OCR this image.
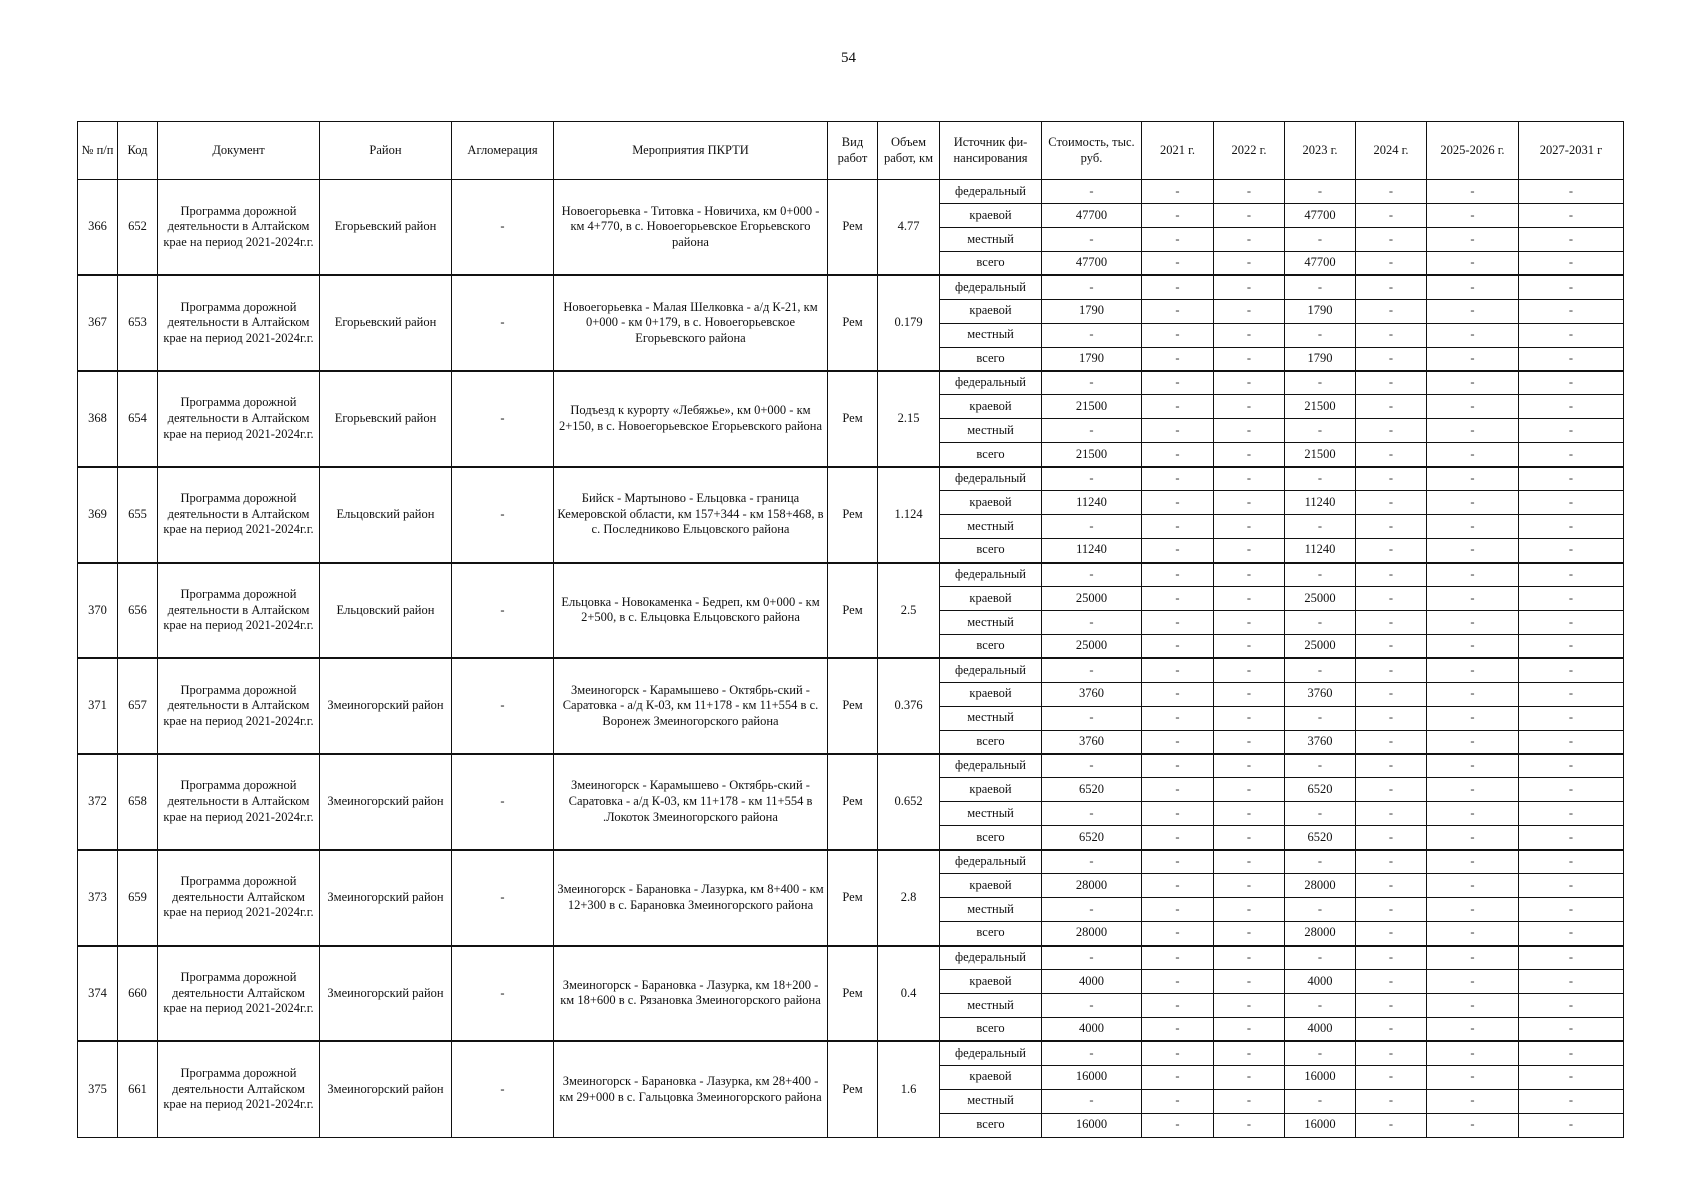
54
№ п/п	Код	Документ	Район	Агломерация	Мероприятия ПКРТИ	Вид работ	Объем работ, км	Источник фи-нансирования	Стоимость, тыс. руб.	2021 г.	2022 г.	2023 г.	2024 г.	2025-2026 г.	2027-2031 г
366	652	Программа дорожной деятельности в Алтайском крае на период 2021-2024г.г.	Егорьевский район	-	Новоегорьевка - Титовка - Новичиха, км 0+000 - км 4+770, в с. Новоегорьевское Егорьевского района	Рем	4.77	федеральный	-	-	-	-	-	-	-
								краевой	47700	-	-	47700	-	-	-
								местный	-	-	-	-	-	-	-
								всего	47700	-	-	47700	-	-	-
367	653	Программа дорожной деятельности в Алтайском крае на период 2021-2024г.г.	Егорьевский район	-	Новоегорьевка - Малая Шелковка - а/д К-21, км 0+000 - км 0+179, в с. Новоегорьевское Егорьевского района	Рем	0.179	федеральный	-	-	-	-	-	-	-
								краевой	1790	-	-	1790	-	-	-
								местный	-	-	-	-	-	-	-
								всего	1790	-	-	1790	-	-	-
368	654	Программа дорожной деятельности в Алтайском крае на период 2021-2024г.г.	Егорьевский район	-	Подъезд к курорту «Лебяжье», км 0+000 - км 2+150, в с. Новоегорьевское Егорьевского района	Рем	2.15	федеральный	-	-	-	-	-	-	-
								краевой	21500	-	-	21500	-	-	-
								местный	-	-	-	-	-	-	-
								всего	21500	-	-	21500	-	-	-
369	655	Программа дорожной деятельности в Алтайском крае на период 2021-2024г.г.	Ельцовский район	-	Бийск - Мартыново - Ельцовка - граница Кемеровской области, км 157+344 - км 158+468, в с. Последниково Ельцовского района	Рем	1.124	федеральный	-	-	-	-	-	-	-
								краевой	11240	-	-	11240	-	-	-
								местный	-	-	-	-	-	-	-
								всего	11240	-	-	11240	-	-	-
370	656	Программа дорожной деятельности в Алтайском крае на период 2021-2024г.г.	Ельцовский район	-	Ельцовка - Новокаменка - Бедреп, км 0+000 - км 2+500, в с. Ельцовка Ельцовского района	Рем	2.5	федеральный	-	-	-	-	-	-	-
								краевой	25000	-	-	25000	-	-	-
								местный	-	-	-	-	-	-	-
								всего	25000	-	-	25000	-	-	-
371	657	Программа дорожной деятельности в Алтайском крае на период 2021-2024г.г.	Змеиногорский район	-	Змеиногорск - Карамышево - Октябрь-ский - Саратовка - а/д К-03, км 11+178 - км 11+554 в с. Воронеж Змеиногорского района	Рем	0.376	федеральный	-	-	-	-	-	-	-
								краевой	3760	-	-	3760	-	-	-
								местный	-	-	-	-	-	-	-
								всего	3760	-	-	3760	-	-	-
372	658	Программа дорожной деятельности в Алтайском крае на период 2021-2024г.г.	Змеиногорский район	-	Змеиногорск - Карамышево - Октябрь-ский - Саратовка - а/д К-03, км 11+178 - км 11+554 в .Локоток Змеиногорского района	Рем	0.652	федеральный	-	-	-	-	-	-	-
								краевой	6520	-	-	6520	-	-	-
								местный	-	-	-	-	-	-	-
								всего	6520	-	-	6520	-	-	-
373	659	Программа дорожной деятельности Алтайском крае на период 2021-2024г.г.	Змеиногорский район	-	Змеиногорск - Барановка - Лазурка, км 8+400 - км 12+300 в с. Барановка Змеиногорского района	Рем	2.8	федеральный	-	-	-	-	-	-	-
								краевой	28000	-	-	28000	-	-	-
								местный	-	-	-	-	-	-	-
								всего	28000	-	-	28000	-	-	-
374	660	Программа дорожной деятельности Алтайском крае на период 2021-2024г.г.	Змеиногорский район	-	Змеиногорск - Барановка - Лазурка, км 18+200 - км 18+600 в с. Рязановка Змеиногорского района	Рем	0.4	федеральный	-	-	-	-	-	-	-
								краевой	4000	-	-	4000	-	-	-
								местный	-	-	-	-	-	-	-
								всего	4000	-	-	4000	-	-	-
375	661	Программа дорожной деятельности Алтайском крае на период 2021-2024г.г.	Змеиногорский район	-	Змеиногорск - Барановка - Лазурка, км 28+400 - км 29+000 в с. Гальцовка Змеиногорского района	Рем	1.6	федеральный	-	-	-	-	-	-	-
								краевой	16000	-	-	16000	-	-	-
								местный	-	-	-	-	-	-	-
								всего	16000	-	-	16000	-	-	-
